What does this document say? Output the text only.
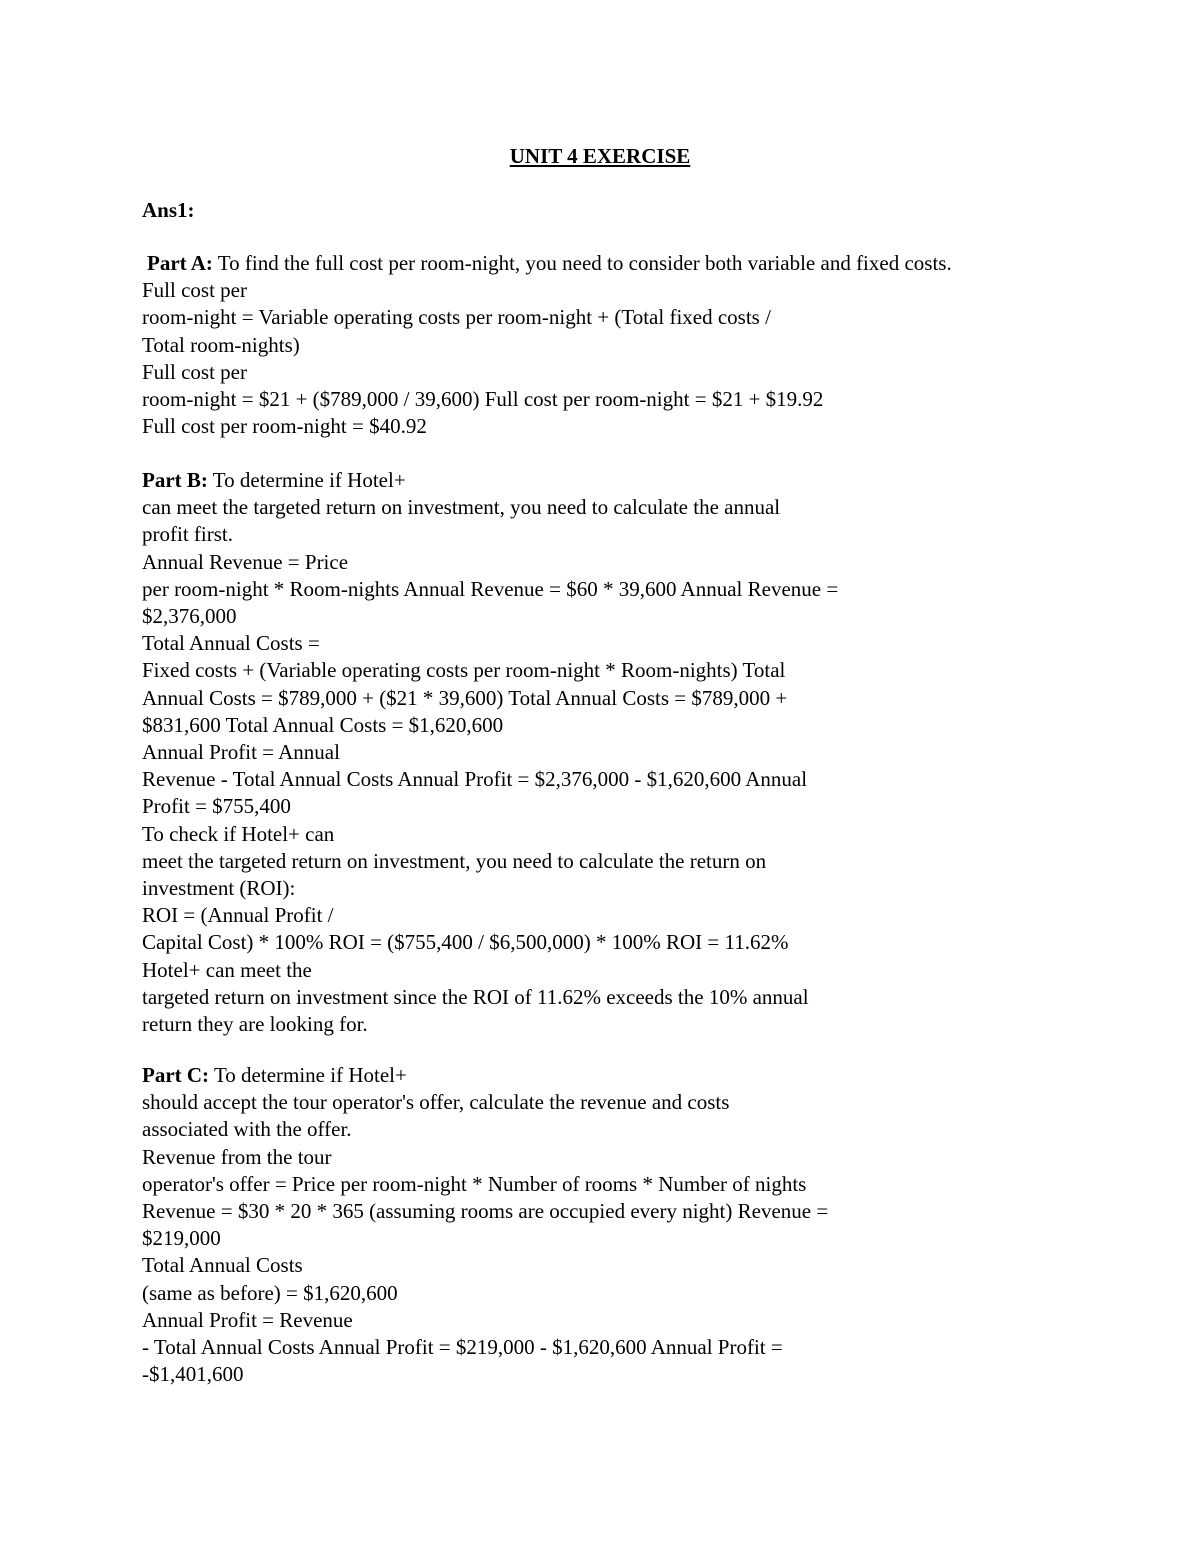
UNIT 4 EXERCISE
Ans1:
Part A: To find the full cost per room-night, you need to consider both variable and fixed costs.
Full cost per
room-night = Variable operating costs per room-night + (Total fixed costs /
Total room-nights)
Full cost per
room-night = $21 + ($789,000 / 39,600) Full cost per room-night = $21 + $19.92
Full cost per room-night = $40.92
Part B: To determine if Hotel+
can meet the targeted return on investment, you need to calculate the annual
profit first.
Annual Revenue = Price
per room-night * Room-nights Annual Revenue = $60 * 39,600 Annual Revenue =
$2,376,000
Total Annual Costs =
Fixed costs + (Variable operating costs per room-night * Room-nights) Total
Annual Costs = $789,000 + ($21 * 39,600) Total Annual Costs = $789,000 +
$831,600 Total Annual Costs = $1,620,600
Annual Profit = Annual
Revenue - Total Annual Costs Annual Profit = $2,376,000 - $1,620,600 Annual
Profit = $755,400
To check if Hotel+ can
meet the targeted return on investment, you need to calculate the return on
investment (ROI):
ROI = (Annual Profit /
Capital Cost) * 100% ROI = ($755,400 / $6,500,000) * 100% ROI = 11.62%
Hotel+ can meet the
targeted return on investment since the ROI of 11.62% exceeds the 10% annual
return they are looking for.
Part C: To determine if Hotel+
should accept the tour operator's offer, calculate the revenue and costs
associated with the offer.
Revenue from the tour
operator's offer = Price per room-night * Number of rooms * Number of nights
Revenue = $30 * 20 * 365 (assuming rooms are occupied every night) Revenue =
$219,000
Total Annual Costs
(same as before) = $1,620,600
Annual Profit = Revenue
- Total Annual Costs Annual Profit = $219,000 - $1,620,600 Annual Profit =
-$1,401,600
